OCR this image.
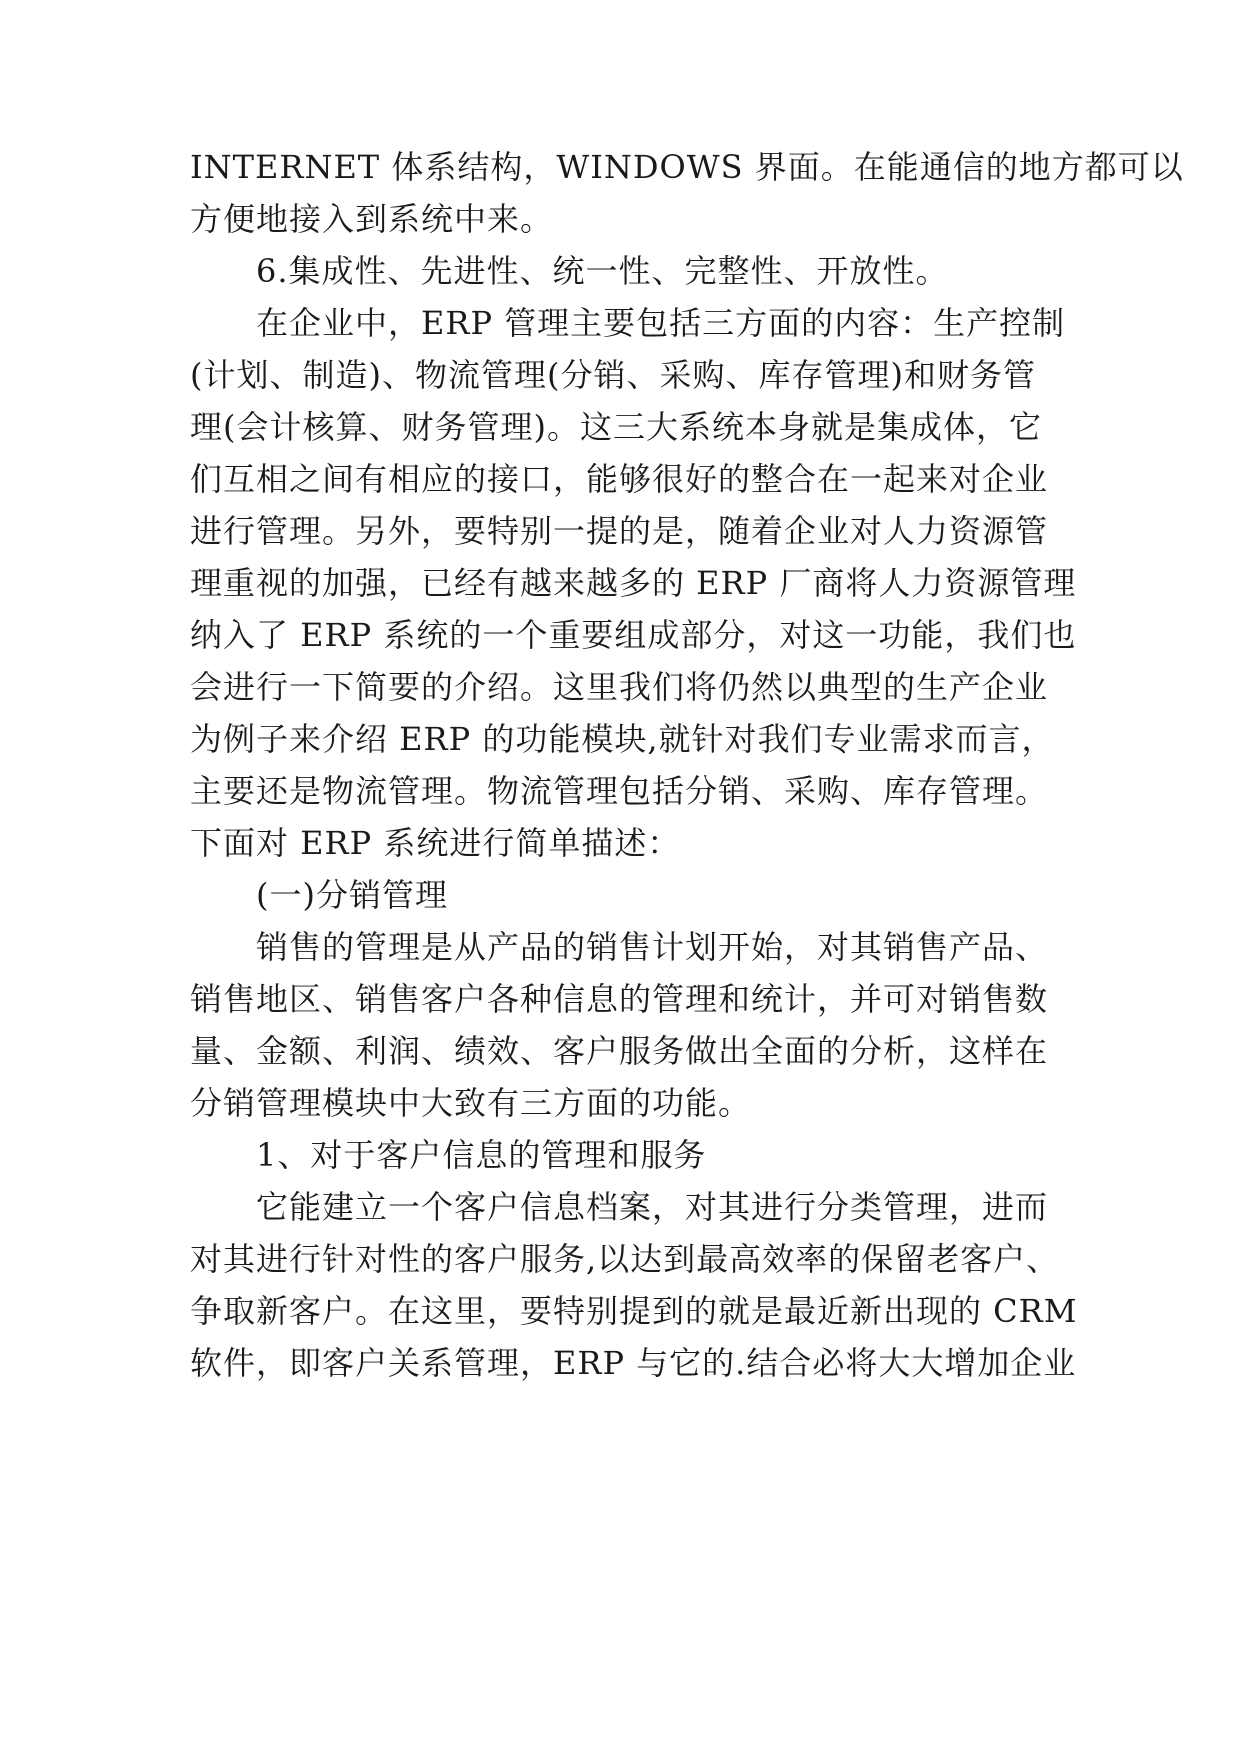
INTERNET 体系结构，WINDOWS 界面。在能通信的地方都可以
方便地接入到系统中来。
6.集成性、先进性、统一性、完整性、开放性。
在企业中，ERP 管理主要包括三方面的内容：生产控制
(计划、制造)、物流管理(分销、采购、库存管理)和财务管
理(会计核算、财务管理)。这三大系统本身就是集成体，它
们互相之间有相应的接口，能够很好的整合在一起来对企业
进行管理。另外，要特别一提的是，随着企业对人力资源管
理重视的加强，已经有越来越多的 ERP 厂商将人力资源管理
纳入了 ERP 系统的一个重要组成部分，对这一功能，我们也
会进行一下简要的介绍。这里我们将仍然以典型的生产企业
为例子来介绍 ERP 的功能模块,就针对我们专业需求而言，
主要还是物流管理。物流管理包括分销、采购、库存管理。
下面对 ERP 系统进行简单描述：
(一)分销管理
销售的管理是从产品的销售计划开始，对其销售产品、
销售地区、销售客户各种信息的管理和统计，并可对销售数
量、金额、利润、绩效、客户服务做出全面的分析，这样在
分销管理模块中大致有三方面的功能。
1、对于客户信息的管理和服务
它能建立一个客户信息档案，对其进行分类管理，进而
对其进行针对性的客户服务,以达到最高效率的保留老客户、
争取新客户。在这里，要特别提到的就是最近新出现的 CRM
软件，即客户关系管理，ERP 与它的.结合必将大大增加企业
